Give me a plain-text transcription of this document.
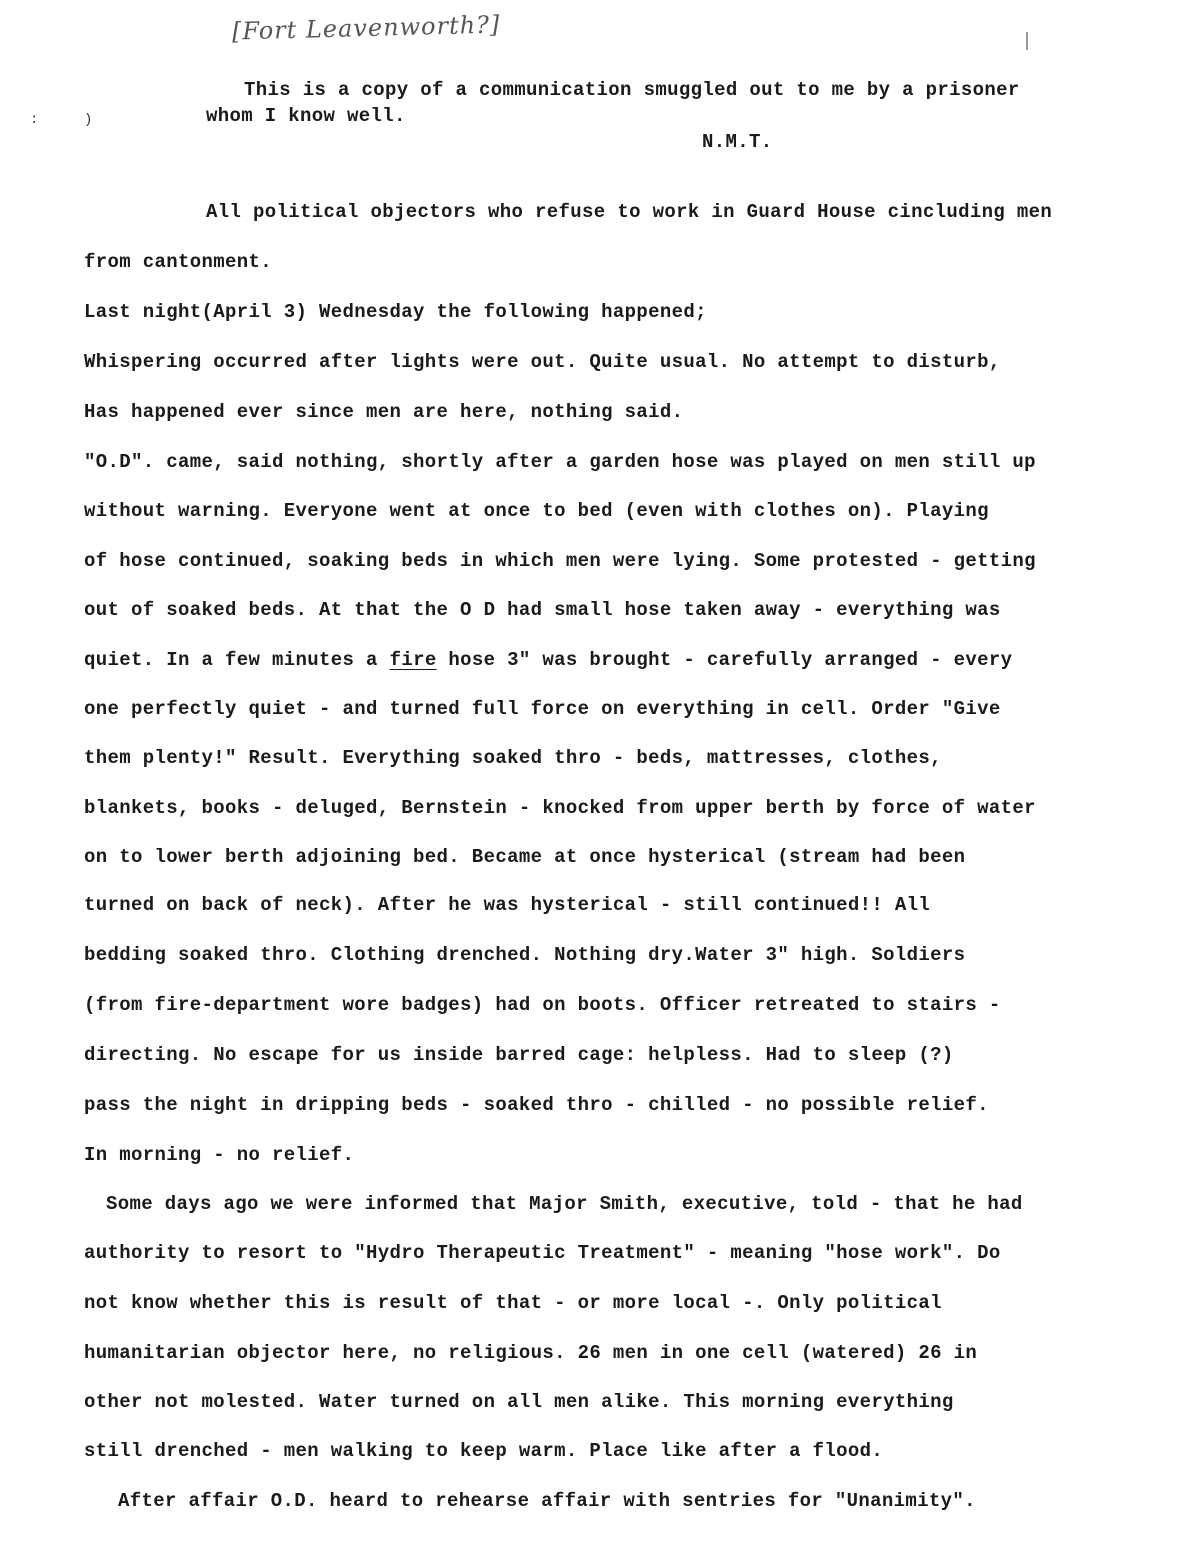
[Fort Leavenworth?]
:	)
This is a copy of a communication smuggled out to me by a prisoner
whom I know well.
N.M.T.
All political objectors who refuse to work in Guard House cincluding men
from cantonment.
Last night(April 3) Wednesday the following happened;
Whispering occurred after lights were out. Quite usual. No attempt to disturb,
Has happened ever since men are here, nothing said.
"O.D". came, said nothing, shortly after a garden hose was played on men still up
without warning. Everyone went at once to bed (even with clothes on). Playing
of hose continued, soaking beds in which men were lying. Some protested - getting
out of soaked beds. At that the O D had small hose taken away - everything was
quiet. In a few minutes a fire hose 3" was brought - carefully arranged - every
one perfectly quiet - and turned full force on everything in cell. Order "Give
them plenty!" Result. Everything soaked thro - beds, mattresses, clothes,
blankets, books - deluged, Bernstein - knocked from upper berth by force of water
on to lower berth adjoining bed. Became at once hysterical (stream had been
turned on back of neck). After he was hysterical - still continued!! All
bedding soaked thro. Clothing drenched. Nothing dry.Water 3" high. Soldiers
(from fire-department wore badges) had on boots. Officer retreated to stairs -
directing. No escape for us inside barred cage: helpless. Had to sleep (?)
pass the night in dripping beds - soaked thro - chilled - no possible relief.
In morning - no relief.
Some days ago we were informed that Major Smith, executive, told - that he had
authority to resort to "Hydro Therapeutic Treatment" - meaning "hose work". Do
not know whether this is result of that - or more local -. Only political
humanitarian objector here, no religious. 26 men in one cell (watered) 26 in
other not molested. Water turned on all men alike. This morning everything
still drenched - men walking to keep warm. Place like after a flood.
After affair O.D. heard to rehearse affair with sentries for "Unanimity".
